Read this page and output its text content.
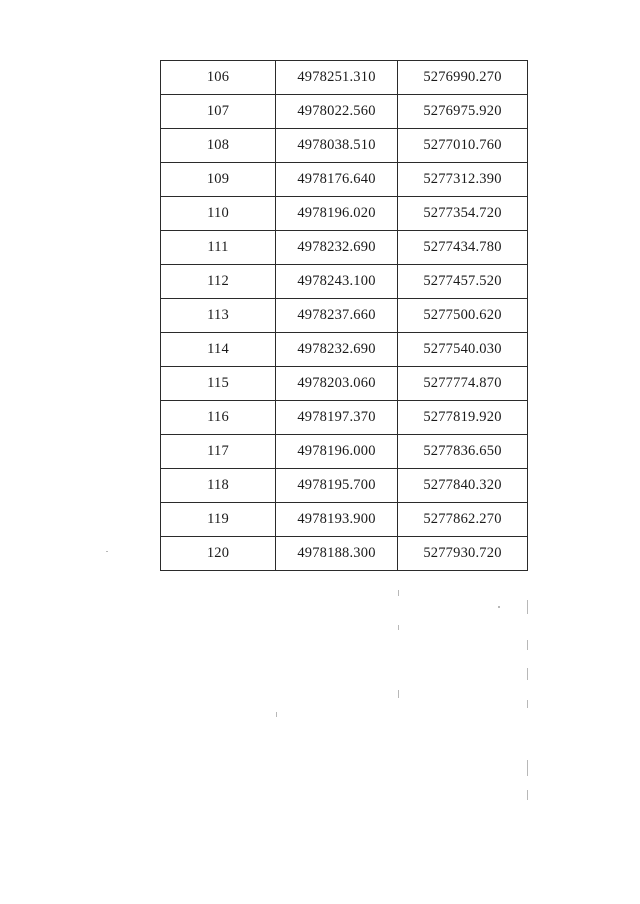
106	4978251.310	5276990.270
107	4978022.560	5276975.920
108	4978038.510	5277010.760
109	4978176.640	5277312.390
110	4978196.020	5277354.720
111	4978232.690	5277434.780
112	4978243.100	5277457.520
113	4978237.660	5277500.620
114	4978232.690	5277540.030
115	4978203.060	5277774.870
116	4978197.370	5277819.920
117	4978196.000	5277836.650
118	4978195.700	5277840.320
119	4978193.900	5277862.270
120	4978188.300	5277930.720
